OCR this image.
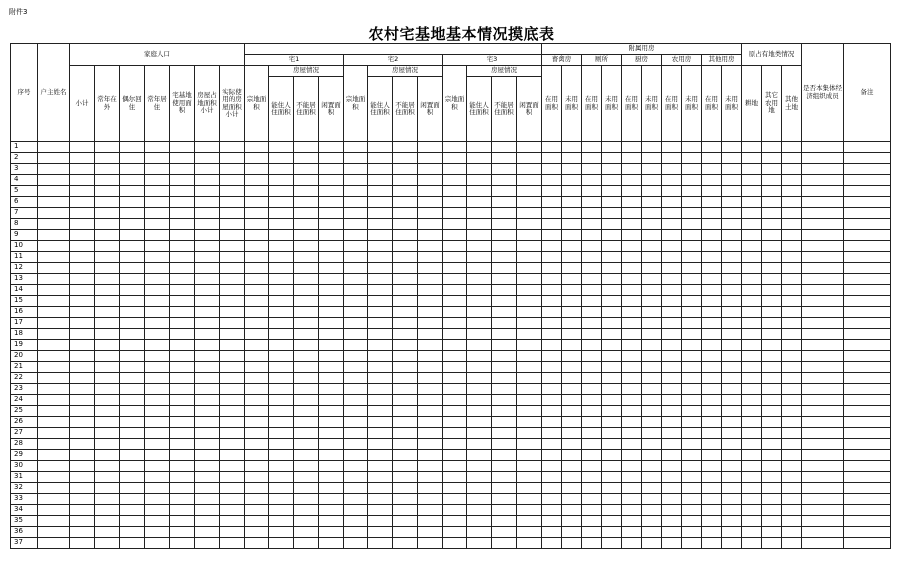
附件3
农村宅基地基本情况摸底表
序号	户主姓名	家庭人口																			附属用房										原占有地类情况			是否本集体经济组织成员	备注
									宅1				宅2				宅3				畜禽房		厕所		厨房		农用房		其他用房						
		小计	常年在外	偶尔回住	常年居住	宅基地使用面积	房屋占地面积小计	实际使用的房屋面积小计	宗地面积	房屋情况			宗地面积	房屋情况			宗地面积	房屋情况			在用面积	未用面积	在用面积	未用面积	在用面积	未用面积	在用面积	未用面积	在用面积	未用面积	耕地	其它农用地	其他土地		
										能住人住面积	不能居住面积	闲置面积		能住人住面积	不能居住面积	闲置面积		能住人住面积	不能居住面积	闲置面积															
1																																			
2																																			
3																																			
4																																			
5																																			
6																																			
7																																			
8																																			
9																																			
10																																			
11																																			
12																																			
13																																			
14																																			
15																																			
16																																			
17																																			
18																																			
19																																			
20																																			
21																																			
22																																			
23																																			
24																																			
25																																			
26																																			
27																																			
28																																			
29																																			
30																																			
31																																			
32																																			
33																																			
34																																			
35																																			
36																																			
37																																			
